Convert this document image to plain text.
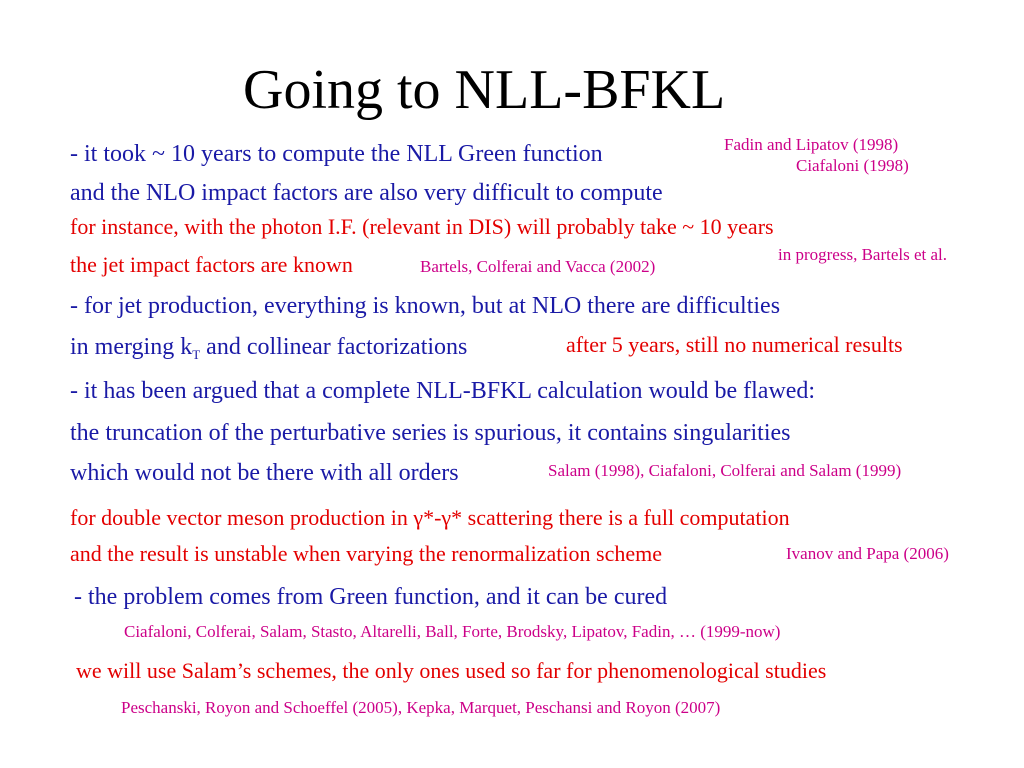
Going to NLL-BFKL
- it took ~ 10 years to compute the NLL Green function	Fadin and Lipatov (1998)
Ciafaloni (1998)
and the NLO impact factors are also very difficult to compute
for instance, with the photon I.F. (relevant in DIS) will probably take ~ 10 years
in progress, Bartels et al.
the jet impact factors are known	Bartels, Colferai and Vacca (2002)
- for jet production, everything is known, but at NLO there are difficulties
in merging $k_T$ and collinear factorizations	after 5 years, still no numerical results
- it has been argued that a complete NLL-BFKL calculation would be flawed:
the truncation of the perturbative series is spurious, it contains singularities
which would not be there with all orders	Salam (1998), Ciafaloni, Colferai and Salam (1999)
for double vector meson production in γ*-γ* scattering there is a full computation
and the result is unstable when varying the renormalization scheme	Ivanov and Papa (2006)
- the problem comes from Green function, and it can be cured
Ciafaloni, Colferai, Salam, Stasto, Altarelli, Ball, Forte, Brodsky, Lipatov, Fadin, … (1999-now)
we will use Salam’s schemes, the only ones used so far for phenomenological studies
Peschanski, Royon and Schoeffel (2005), Kepka, Marquet, Peschansi and Royon (2007)
